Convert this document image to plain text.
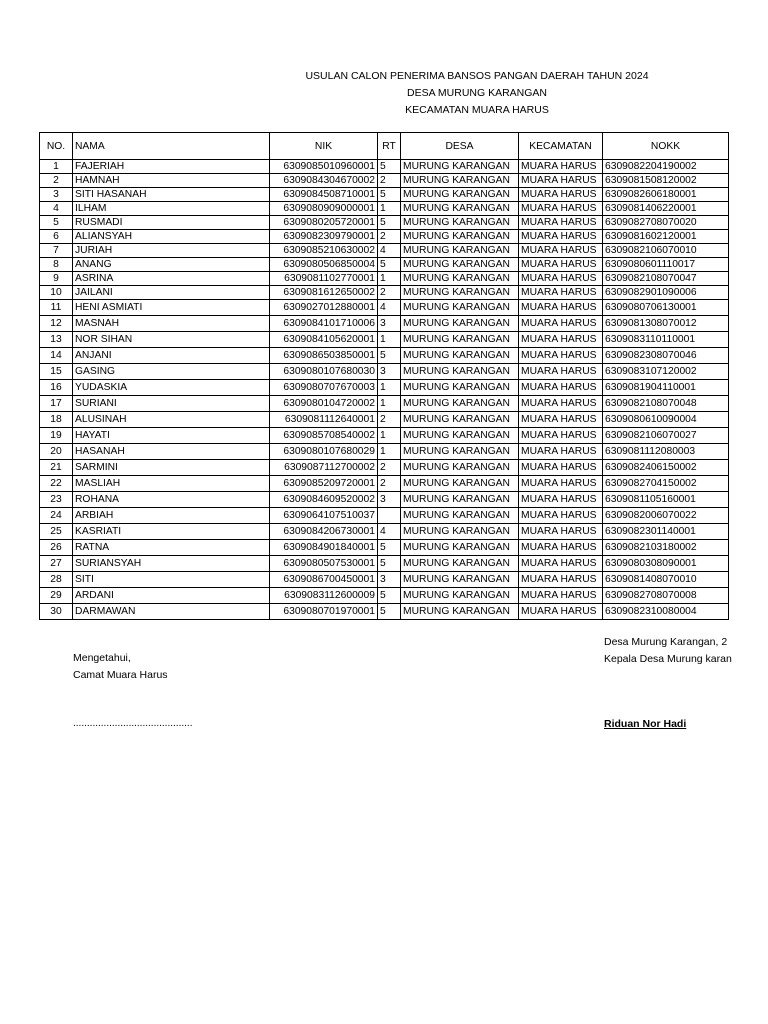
USULAN CALON PENERIMA BANSOS PANGAN DAERAH TAHUN 2024
DESA MURUNG KARANGAN
KECAMATAN MUARA HARUS
NO.	NAMA	NIK	RT	DESA	KECAMATAN	NOKK
1	FAJERIAH	6309085010960001	5	MURUNG KARANGAN	MUARA HARUS	6309082204190002
2	HAMNAH	6309084304670002	2	MURUNG KARANGAN	MUARA HARUS	6309081508120002
3	SITI HASANAH	6309084508710001	5	MURUNG KARANGAN	MUARA HARUS	6309082606180001
4	ILHAM	6309080909000001	1	MURUNG KARANGAN	MUARA HARUS	6309081406220001
5	RUSMADI	6309080205720001	5	MURUNG KARANGAN	MUARA HARUS	6309082708070020
6	ALIANSYAH	6309082309790001	2	MURUNG KARANGAN	MUARA HARUS	6309081602120001
7	JURIAH	6309085210630002	4	MURUNG KARANGAN	MUARA HARUS	6309082106070010
8	ANANG	6309080506850004	5	MURUNG KARANGAN	MUARA HARUS	6309080601110017
9	ASRINA	6309081102770001	1	MURUNG KARANGAN	MUARA HARUS	6309082108070047
10	JAILANI	6309081612650002	2	MURUNG KARANGAN	MUARA HARUS	6309082901090006
11	HENI ASMIATI	6309027012880001	4	MURUNG KARANGAN	MUARA HARUS	6309080706130001
12	MASNAH	6309084101710006	3	MURUNG KARANGAN	MUARA HARUS	6309081308070012
13	NOR SIHAN	6309084105620001	1	MURUNG KARANGAN	MUARA HARUS	6309083110110001
14	ANJANI	6309086503850001	5	MURUNG KARANGAN	MUARA HARUS	6309082308070046
15	GASING	6309080107680030	3	MURUNG KARANGAN	MUARA HARUS	6309083107120002
16	YUDASKIA	6309080707670003	1	MURUNG KARANGAN	MUARA HARUS	6309081904110001
17	SURIANI	6309080104720002	1	MURUNG KARANGAN	MUARA HARUS	6309082108070048
18	ALUSINAH	6309081112640001	2	MURUNG KARANGAN	MUARA HARUS	6309080610090004
19	HAYATI	6309085708540002	1	MURUNG KARANGAN	MUARA HARUS	6309082106070027
20	HASANAH	6309080107680029	1	MURUNG KARANGAN	MUARA HARUS	6309081112080003
21	SARMINI	6309087112700002	2	MURUNG KARANGAN	MUARA HARUS	6309082406150002
22	MASLIAH	6309085209720001	2	MURUNG KARANGAN	MUARA HARUS	6309082704150002
23	ROHANA	6309084609520002	3	MURUNG KARANGAN	MUARA HARUS	6309081105160001
24	ARBIAH	6309064107510037		MURUNG KARANGAN	MUARA HARUS	6309082006070022
25	KASRIATI	6309084206730001	4	MURUNG KARANGAN	MUARA HARUS	6309082301140001
26	RATNA	6309084901840001	5	MURUNG KARANGAN	MUARA HARUS	6309082103180002
27	SURIANSYAH	6309080507530001	5	MURUNG KARANGAN	MUARA HARUS	6309080308090001
28	SITI	6309086700450001	3	MURUNG KARANGAN	MUARA HARUS	6309081408070010
29	ARDANI	6309083112600009	5	MURUNG KARANGAN	MUARA HARUS	6309082708070008
30	DARMAWAN	6309080701970001	5	MURUNG KARANGAN	MUARA HARUS	6309082310080004
Desa Murung Karangan, 2
Kepala Desa Murung karan
Mengetahui,
Camat Muara Harus
...........................................	Riduan Nor Hadi
